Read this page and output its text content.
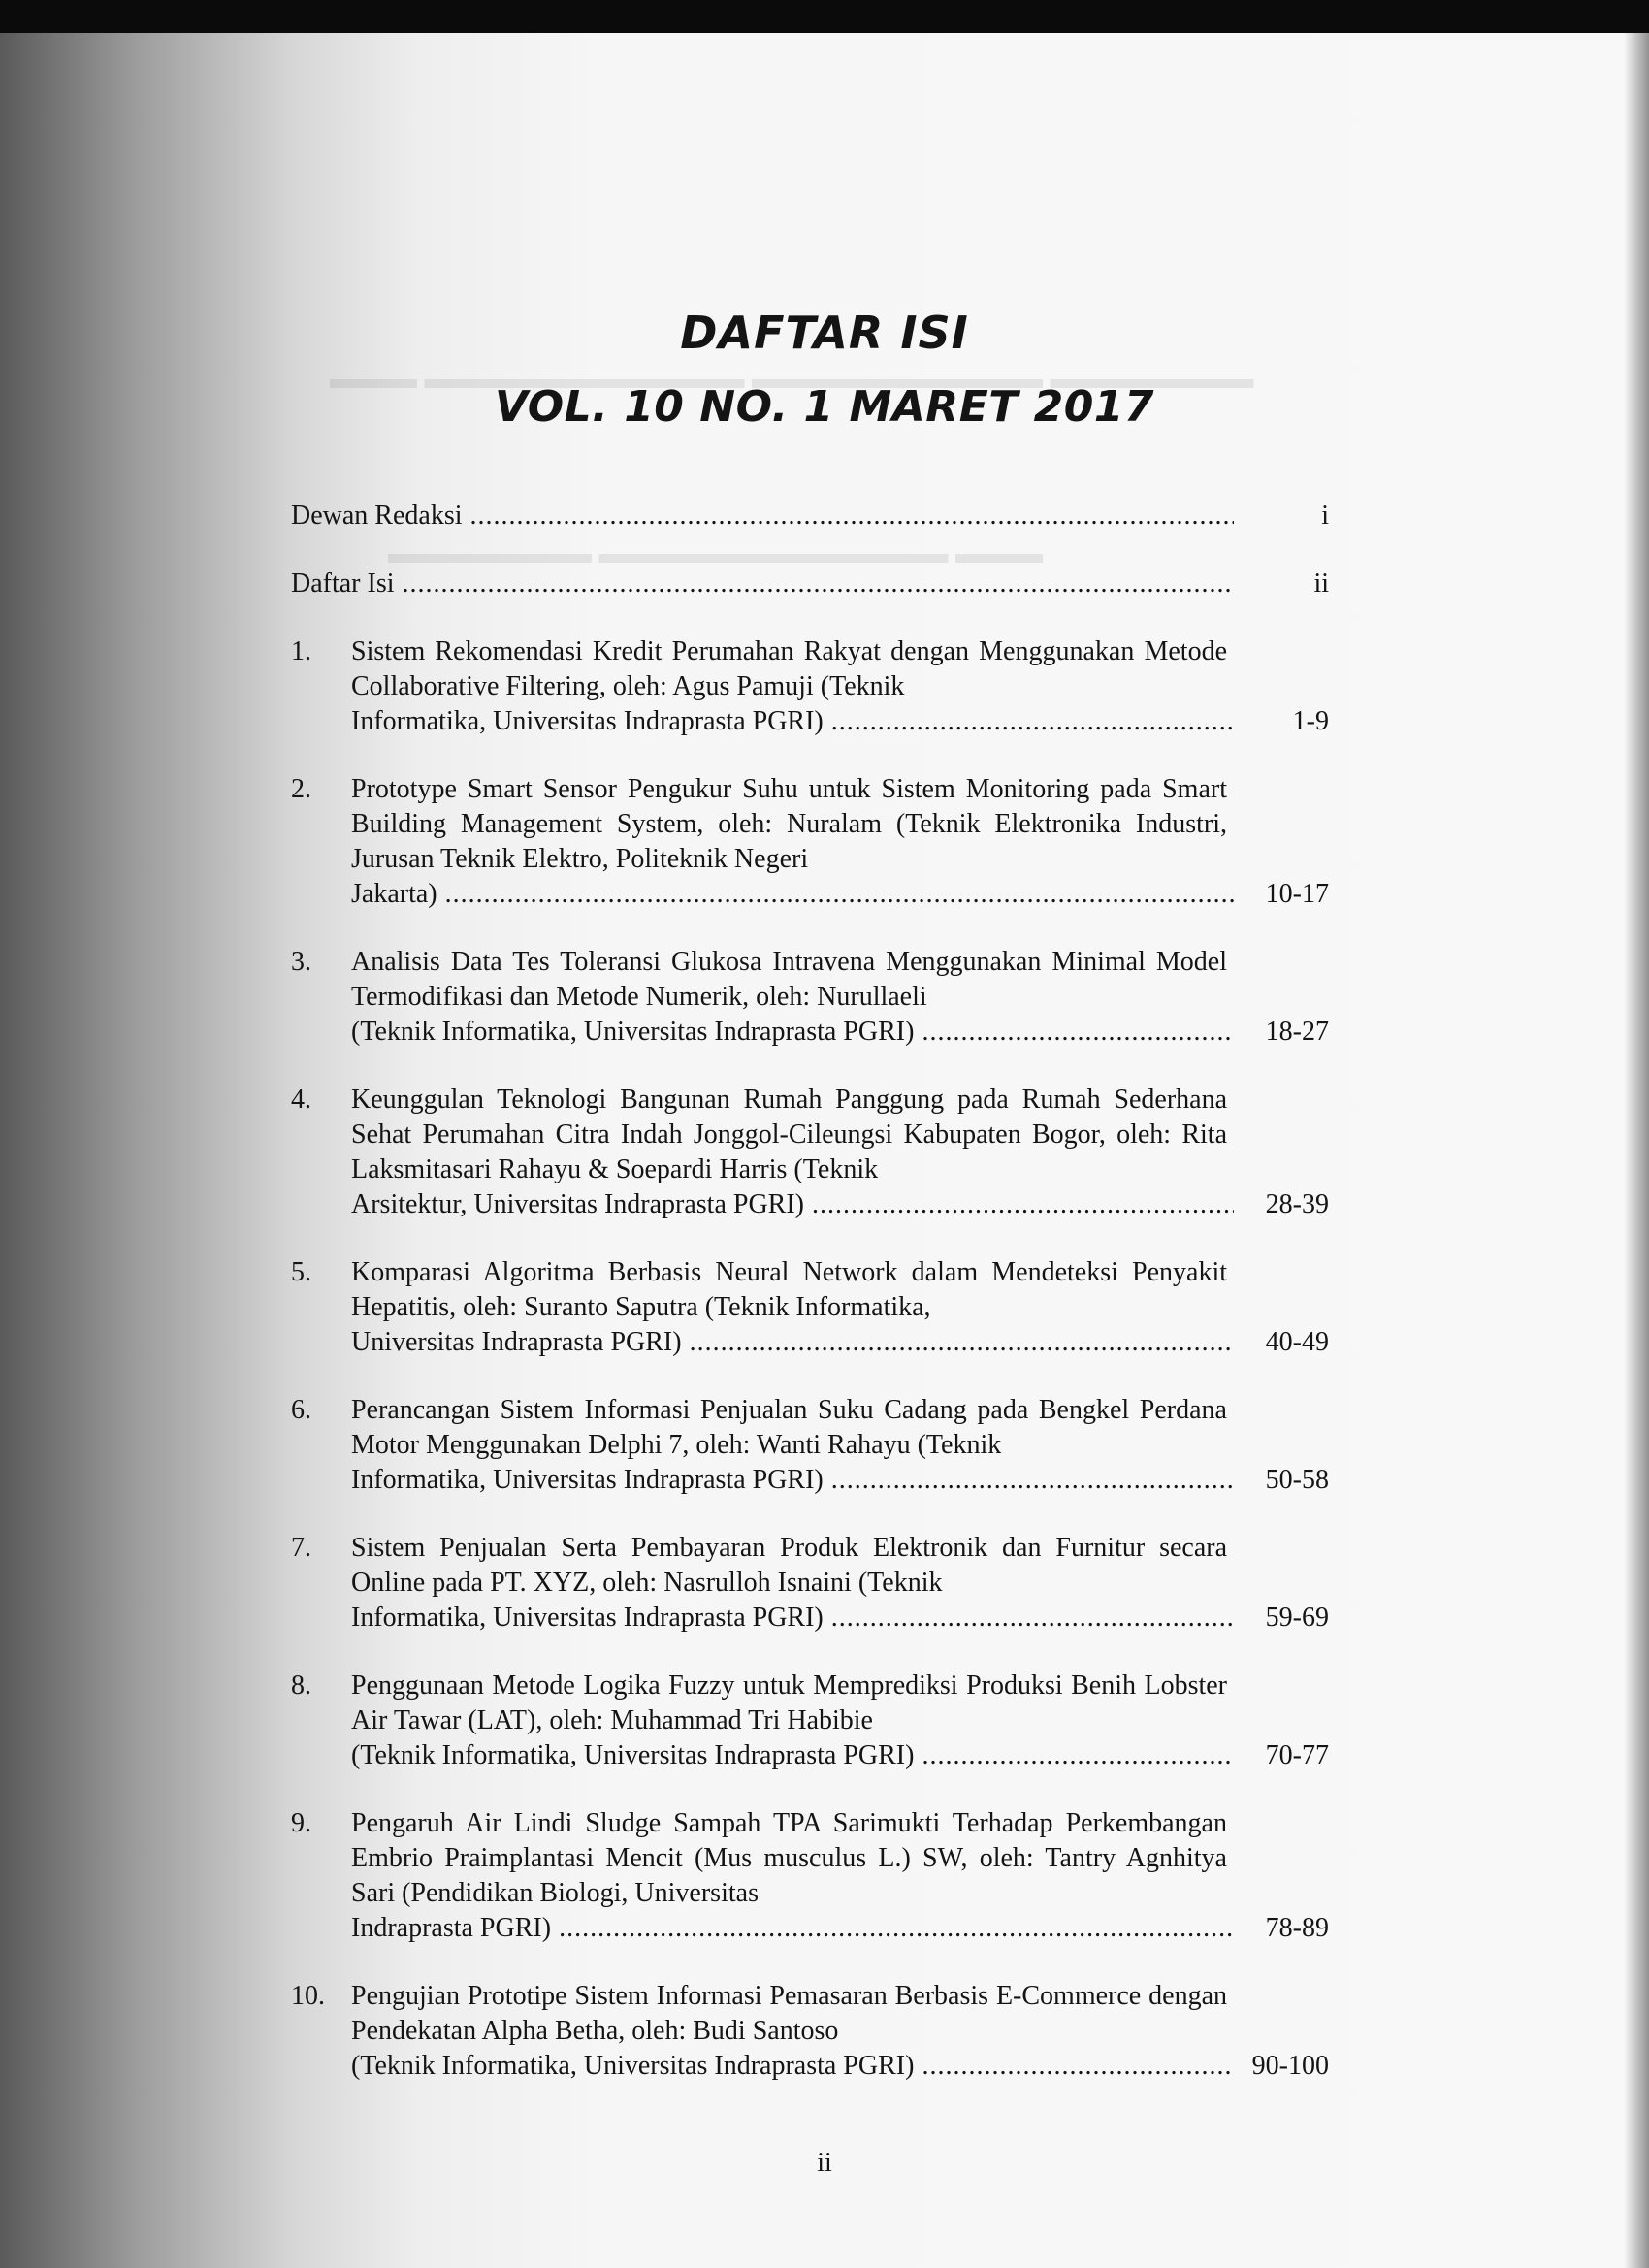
▬▬▬ ▬▬▬▬▬▬▬▬▬▬▬ ▬▬▬▬▬▬▬▬▬▬ ▬▬▬▬▬▬▬
▬▬▬▬▬▬▬ ▬▬▬▬▬▬▬▬▬▬▬▬ ▬▬▬
DAFTAR ISI
VOL. 10 NO. 1 MARET 2017
Dewan Redaksi . . .	i
Daftar Isi . . .	ii
1.	Sistem Rekomendasi Kredit Perumahan Rakyat dengan Menggunakan Metode Collaborative Filtering, oleh: Agus Pamuji (Teknik
Informatika, Universitas Indraprasta PGRI) . . .	1-9
2.	Prototype Smart Sensor Pengukur Suhu untuk Sistem Monitoring pada Smart Building Management System, oleh: Nuralam (Teknik Elektronika Industri, Jurusan Teknik Elektro, Politeknik Negeri
Jakarta) . . .	10-17
3.	Analisis Data Tes Toleransi Glukosa Intravena Menggunakan Minimal Model Termodifikasi dan Metode Numerik, oleh: Nurullaeli
(Teknik Informatika, Universitas Indraprasta PGRI) . . .	18-27
4.	Keunggulan Teknologi Bangunan Rumah Panggung pada Rumah Sederhana Sehat Perumahan Citra Indah Jonggol-Cileungsi Kabupaten Bogor, oleh: Rita Laksmitasari Rahayu & Soepardi Harris (Teknik
Arsitektur, Universitas Indraprasta PGRI) . . .	28-39
5.	Komparasi Algoritma Berbasis Neural Network dalam Mendeteksi Penyakit Hepatitis, oleh: Suranto Saputra (Teknik Informatika,
Universitas Indraprasta PGRI) . . .	40-49
6.	Perancangan Sistem Informasi Penjualan Suku Cadang pada Bengkel Perdana Motor Menggunakan Delphi 7, oleh: Wanti Rahayu (Teknik
Informatika, Universitas Indraprasta PGRI) . . .	50-58
7.	Sistem Penjualan Serta Pembayaran Produk Elektronik dan Furnitur secara Online pada PT. XYZ, oleh: Nasrulloh Isnaini (Teknik
Informatika, Universitas Indraprasta PGRI) . . .	59-69
8.	Penggunaan Metode Logika Fuzzy untuk Memprediksi Produksi Benih Lobster Air Tawar (LAT), oleh: Muhammad Tri Habibie
(Teknik Informatika, Universitas Indraprasta PGRI) . . .	70-77
9.	Pengaruh Air Lindi Sludge Sampah TPA Sarimukti Terhadap Perkembangan Embrio Praimplantasi Mencit (Mus musculus L.) SW, oleh: Tantry Agnhitya Sari (Pendidikan Biologi, Universitas
Indraprasta PGRI) . . .	78-89
10. Pengujian Prototipe Sistem Informasi Pemasaran Berbasis E-Commerce dengan Pendekatan Alpha Betha, oleh: Budi Santoso
(Teknik Informatika, Universitas Indraprasta PGRI) . . .	90-100
ii
